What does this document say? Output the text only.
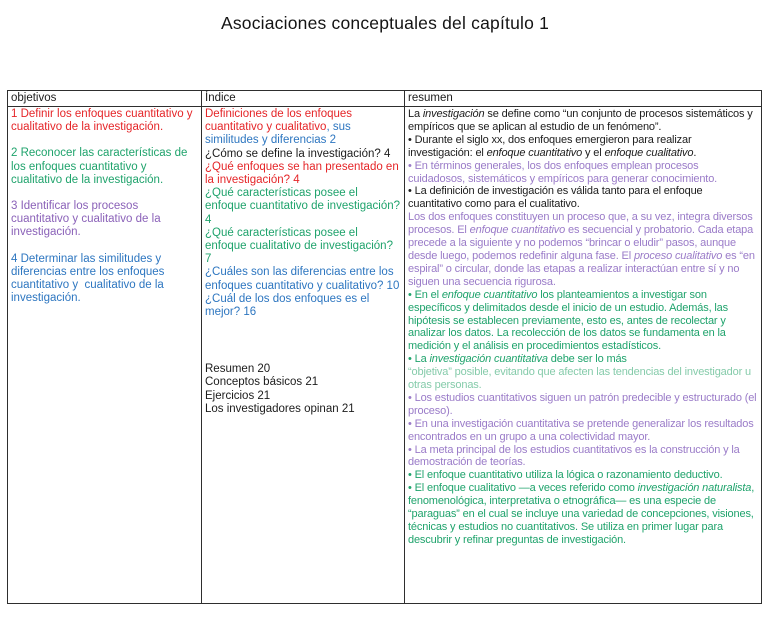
Asociaciones conceptuales del capítulo 1
objetivos	Índice	resumen
1 Definir los enfoques cuantitativo y cualitativo de la investigación.
2 Reconocer las características de los enfoques cuantitativo y cualitativo de la investigación.
3 Identificar los procesos cuantitativo y cualitativo de la investigación.
4 Determinar las similitudes y diferencias entre los enfoques cuantitativo y  cualitativo de la investigación.
Definiciones de los enfoques cuantitativo y cualitativo, sus similitudes y diferencias 2
¿Cómo se define la investigación? 4
¿Qué enfoques se han presentado en la investigación? 4
¿Qué características posee el enfoque cuantitativo de investigación? 4
¿Qué características posee el enfoque cualitativo de investigación? 7
¿Cuáles son las diferencias entre los enfoques cuantitativo y cualitativo? 10
¿Cuál de los dos enfoques es el mejor? 16
Resumen 20
Conceptos básicos 21
Ejercicios 21
Los investigadores opinan 21
La investigación se define como “un conjunto de procesos sistemáticos y empíricos que se aplican al estudio de un fenómeno”.
• Durante el siglo xx, dos enfoques emergieron para realizar investigación: el enfoque cuantitativo y el enfoque cualitativo.
• En términos generales, los dos enfoques emplean procesos cuidadosos, sistemáticos y empíricos para generar conocimiento.
• La definición de investigación es válida tanto para el enfoque cuantitativo como para el cualitativo.
Los dos enfoques constituyen un proceso que, a su vez, integra diversos procesos. El enfoque cuantitativo es secuencial y probatorio. Cada etapa precede a la siguiente y no podemos “brincar o eludir” pasos, aunque desde luego, podemos redefinir alguna fase. El proceso cualitativo es “en espiral” o circular, donde las etapas a realizar interactúan entre sí y no siguen una secuencia rigurosa.
• En el enfoque cuantitativo los planteamientos a investigar son específicos y delimitados desde el inicio de un estudio. Además, las hipótesis se establecen previamente, esto es, antes de recolectar y analizar los datos. La recolección de los datos se fundamenta en la medición y el análisis en procedimientos estadísticos.
• La investigación cuantitativa debe ser lo más
“objetiva” posible, evitando que afecten las tendencias del investigador u otras personas.
• Los estudios cuantitativos siguen un patrón predecible y estructurado (el proceso).
• En una investigación cuantitativa se pretende generalizar los resultados encontrados en un grupo a una colectividad mayor.
• La meta principal de los estudios cuantitativos es la construcción y la demostración de teorías.
• El enfoque cuantitativo utiliza la lógica o razonamiento deductivo.
• El enfoque cualitativo —a veces referido como investigación naturalista, fenomenológica, interpretativa o etnográfica— es una especie de “paraguas” en el cual se incluye una variedad de concepciones, visiones, técnicas y estudios no cuantitativos. Se utiliza en primer lugar para descubrir y refinar preguntas de investigación.
